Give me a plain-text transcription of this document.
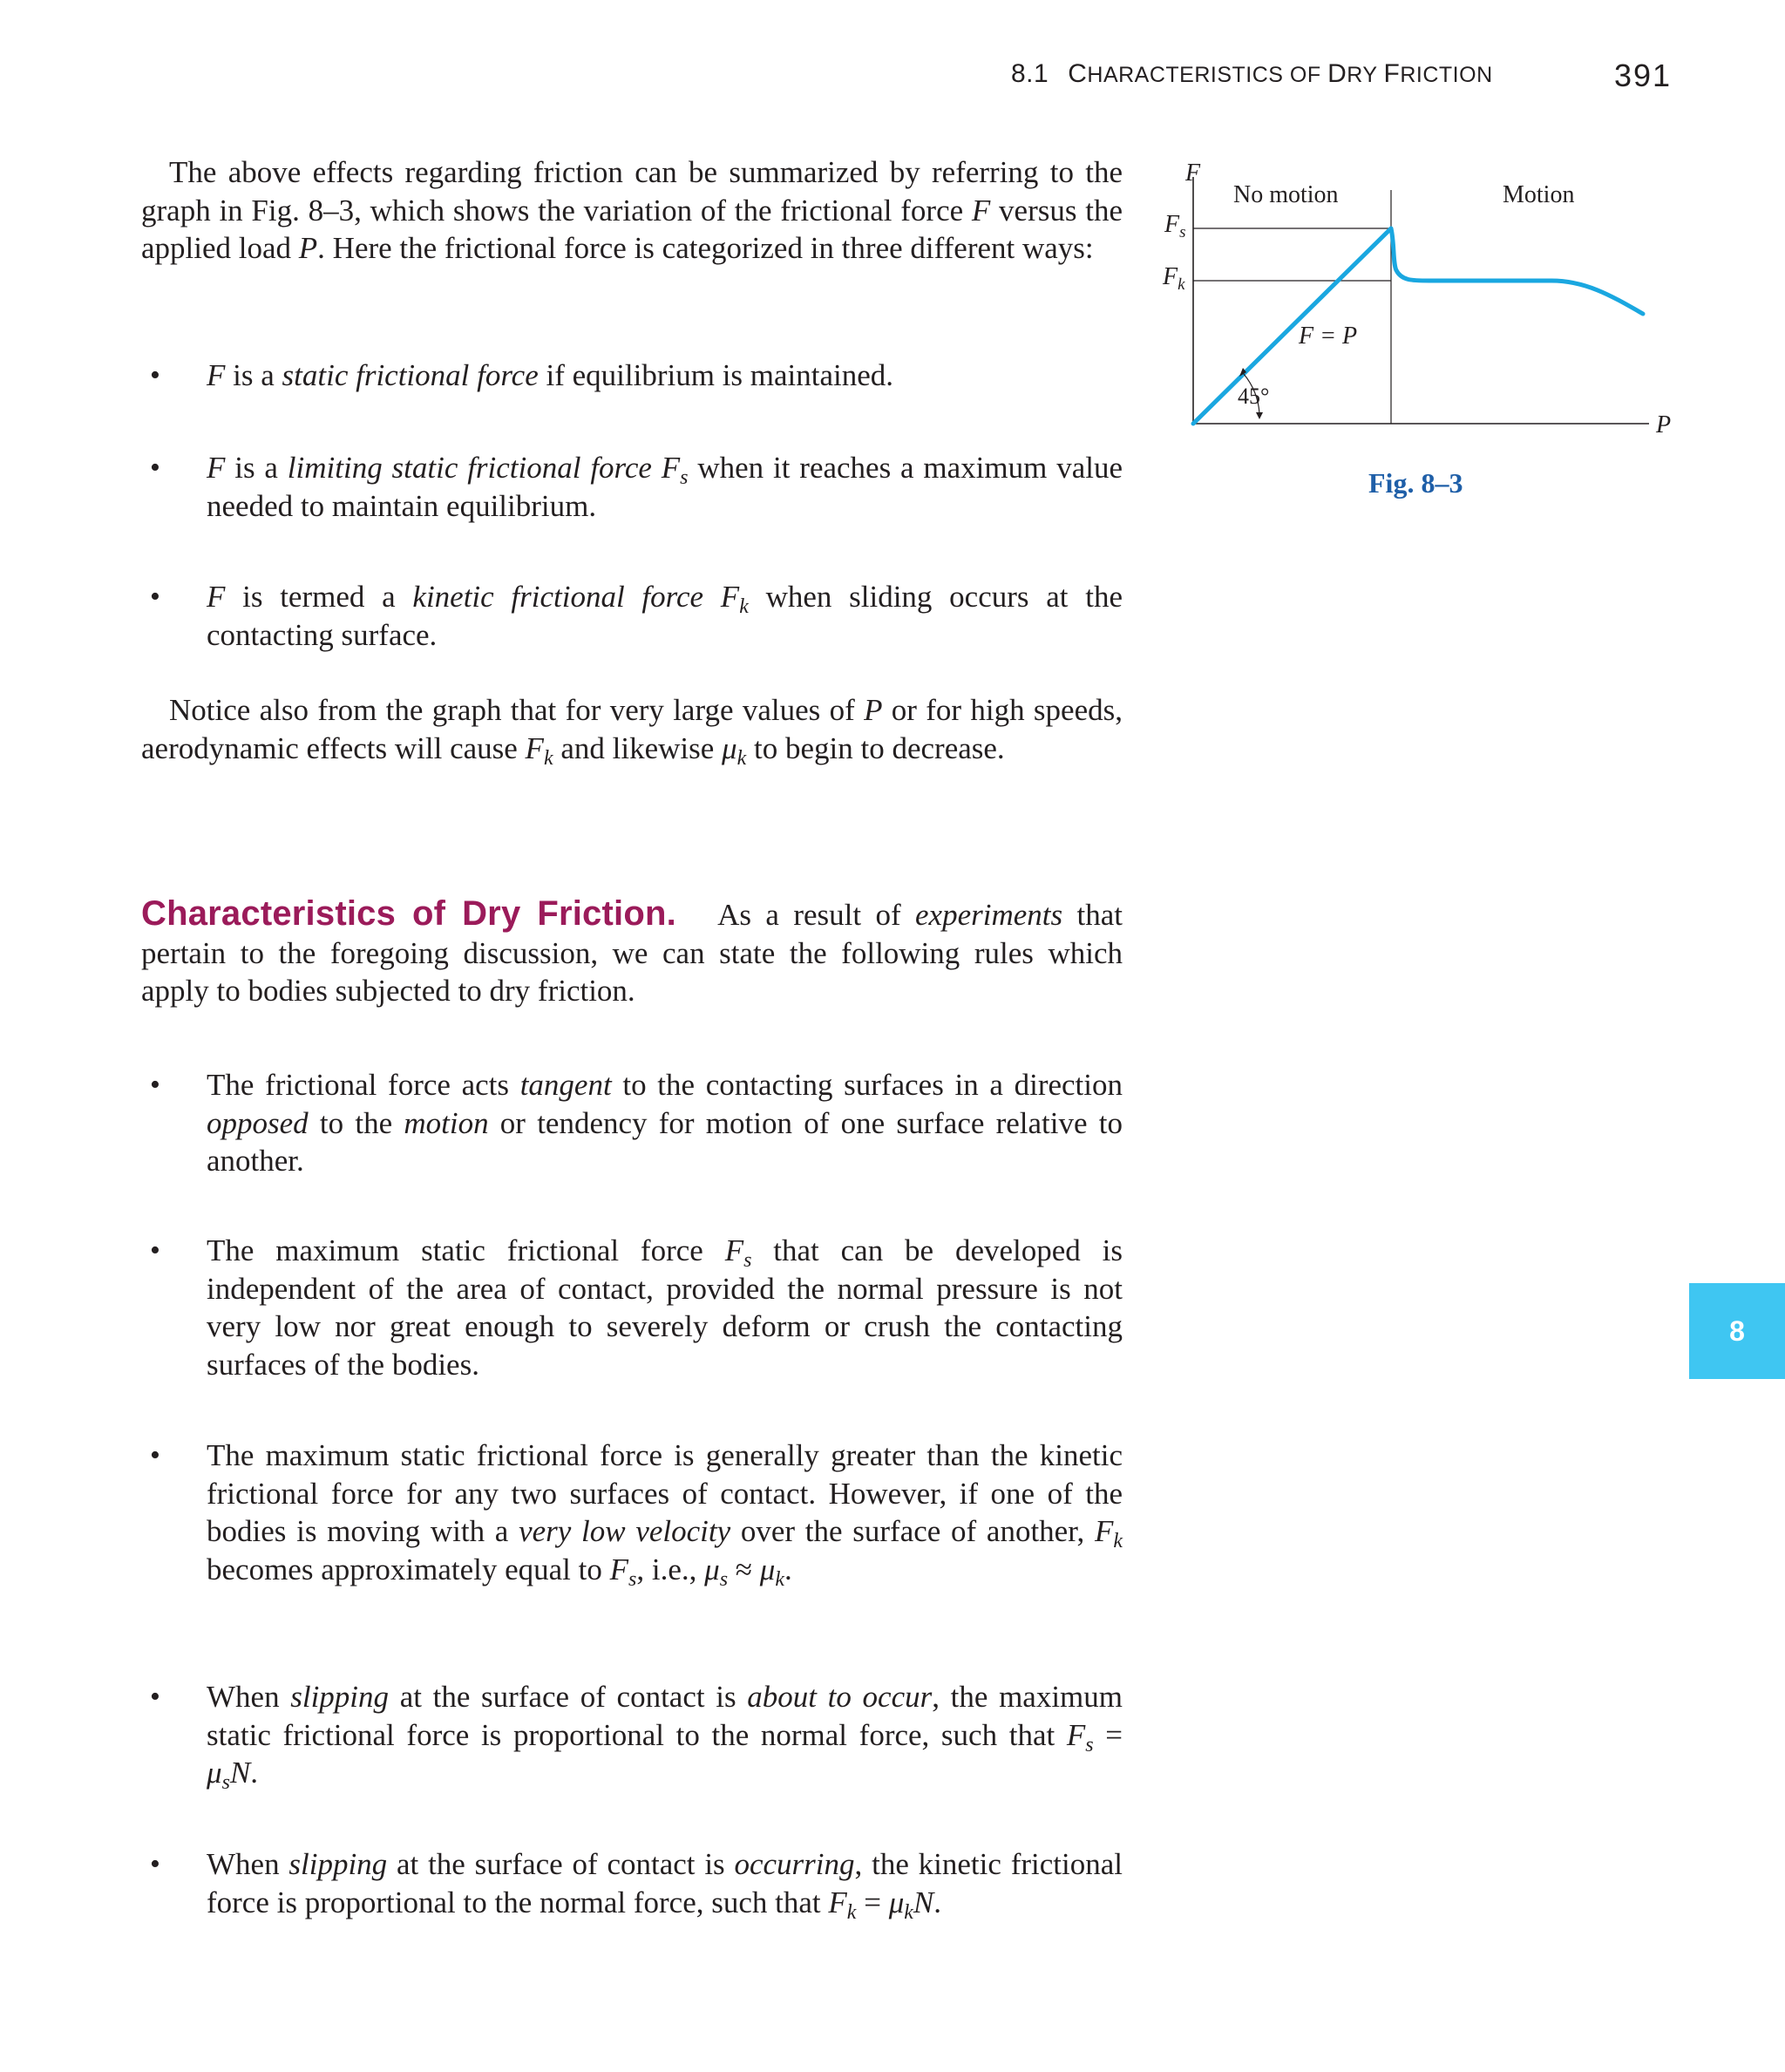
8.1 CHARACTERISTICS OF DRY FRICTION	391

The above effects regarding friction can be summarized by referring to the graph in Fig. 8–3, which shows the variation of the frictional force F versus the applied load P. Here the frictional force is categorized in three different ways:

• F is a static frictional force if equilibrium is maintained.
• F is a limiting static frictional force $F_s$ when it reaches a maximum value needed to maintain equilibrium.
• F is termed a kinetic frictional force $F_k$ when sliding occurs at the contacting surface.

Notice also from the graph that for very large values of P or for high speeds, aerodynamic effects will cause $F_k$ and likewise $\mu_k$ to begin to decrease.

Characteristics of Dry Friction. As a result of experiments that pertain to the foregoing discussion, we can state the following rules which apply to bodies subjected to dry friction.

• The frictional force acts tangent to the contacting surfaces in a direction opposed to the motion or tendency for motion of one surface relative to another.
• The maximum static frictional force $F_s$ that can be developed is independent of the area of contact, provided the normal pressure is not very low nor great enough to severely deform or crush the contacting surfaces of the bodies.
• The maximum static frictional force is generally greater than the kinetic frictional force for any two surfaces of contact. However, if one of the bodies is moving with a very low velocity over the surface of another, $F_k$ becomes approximately equal to $F_s$, i.e., $\mu_s \approx \mu_k$.
• When slipping at the surface of contact is about to occur, the maximum static frictional force is proportional to the normal force, such that $F_s = \mu_sN$.
• When slipping at the surface of contact is occurring, the kinetic frictional force is proportional to the normal force, such that $F_k = \mu_kN$.
F
P
$F_s$
$F_k$
No motion	Motion
F = P
45°
Fig. 8–3
8
